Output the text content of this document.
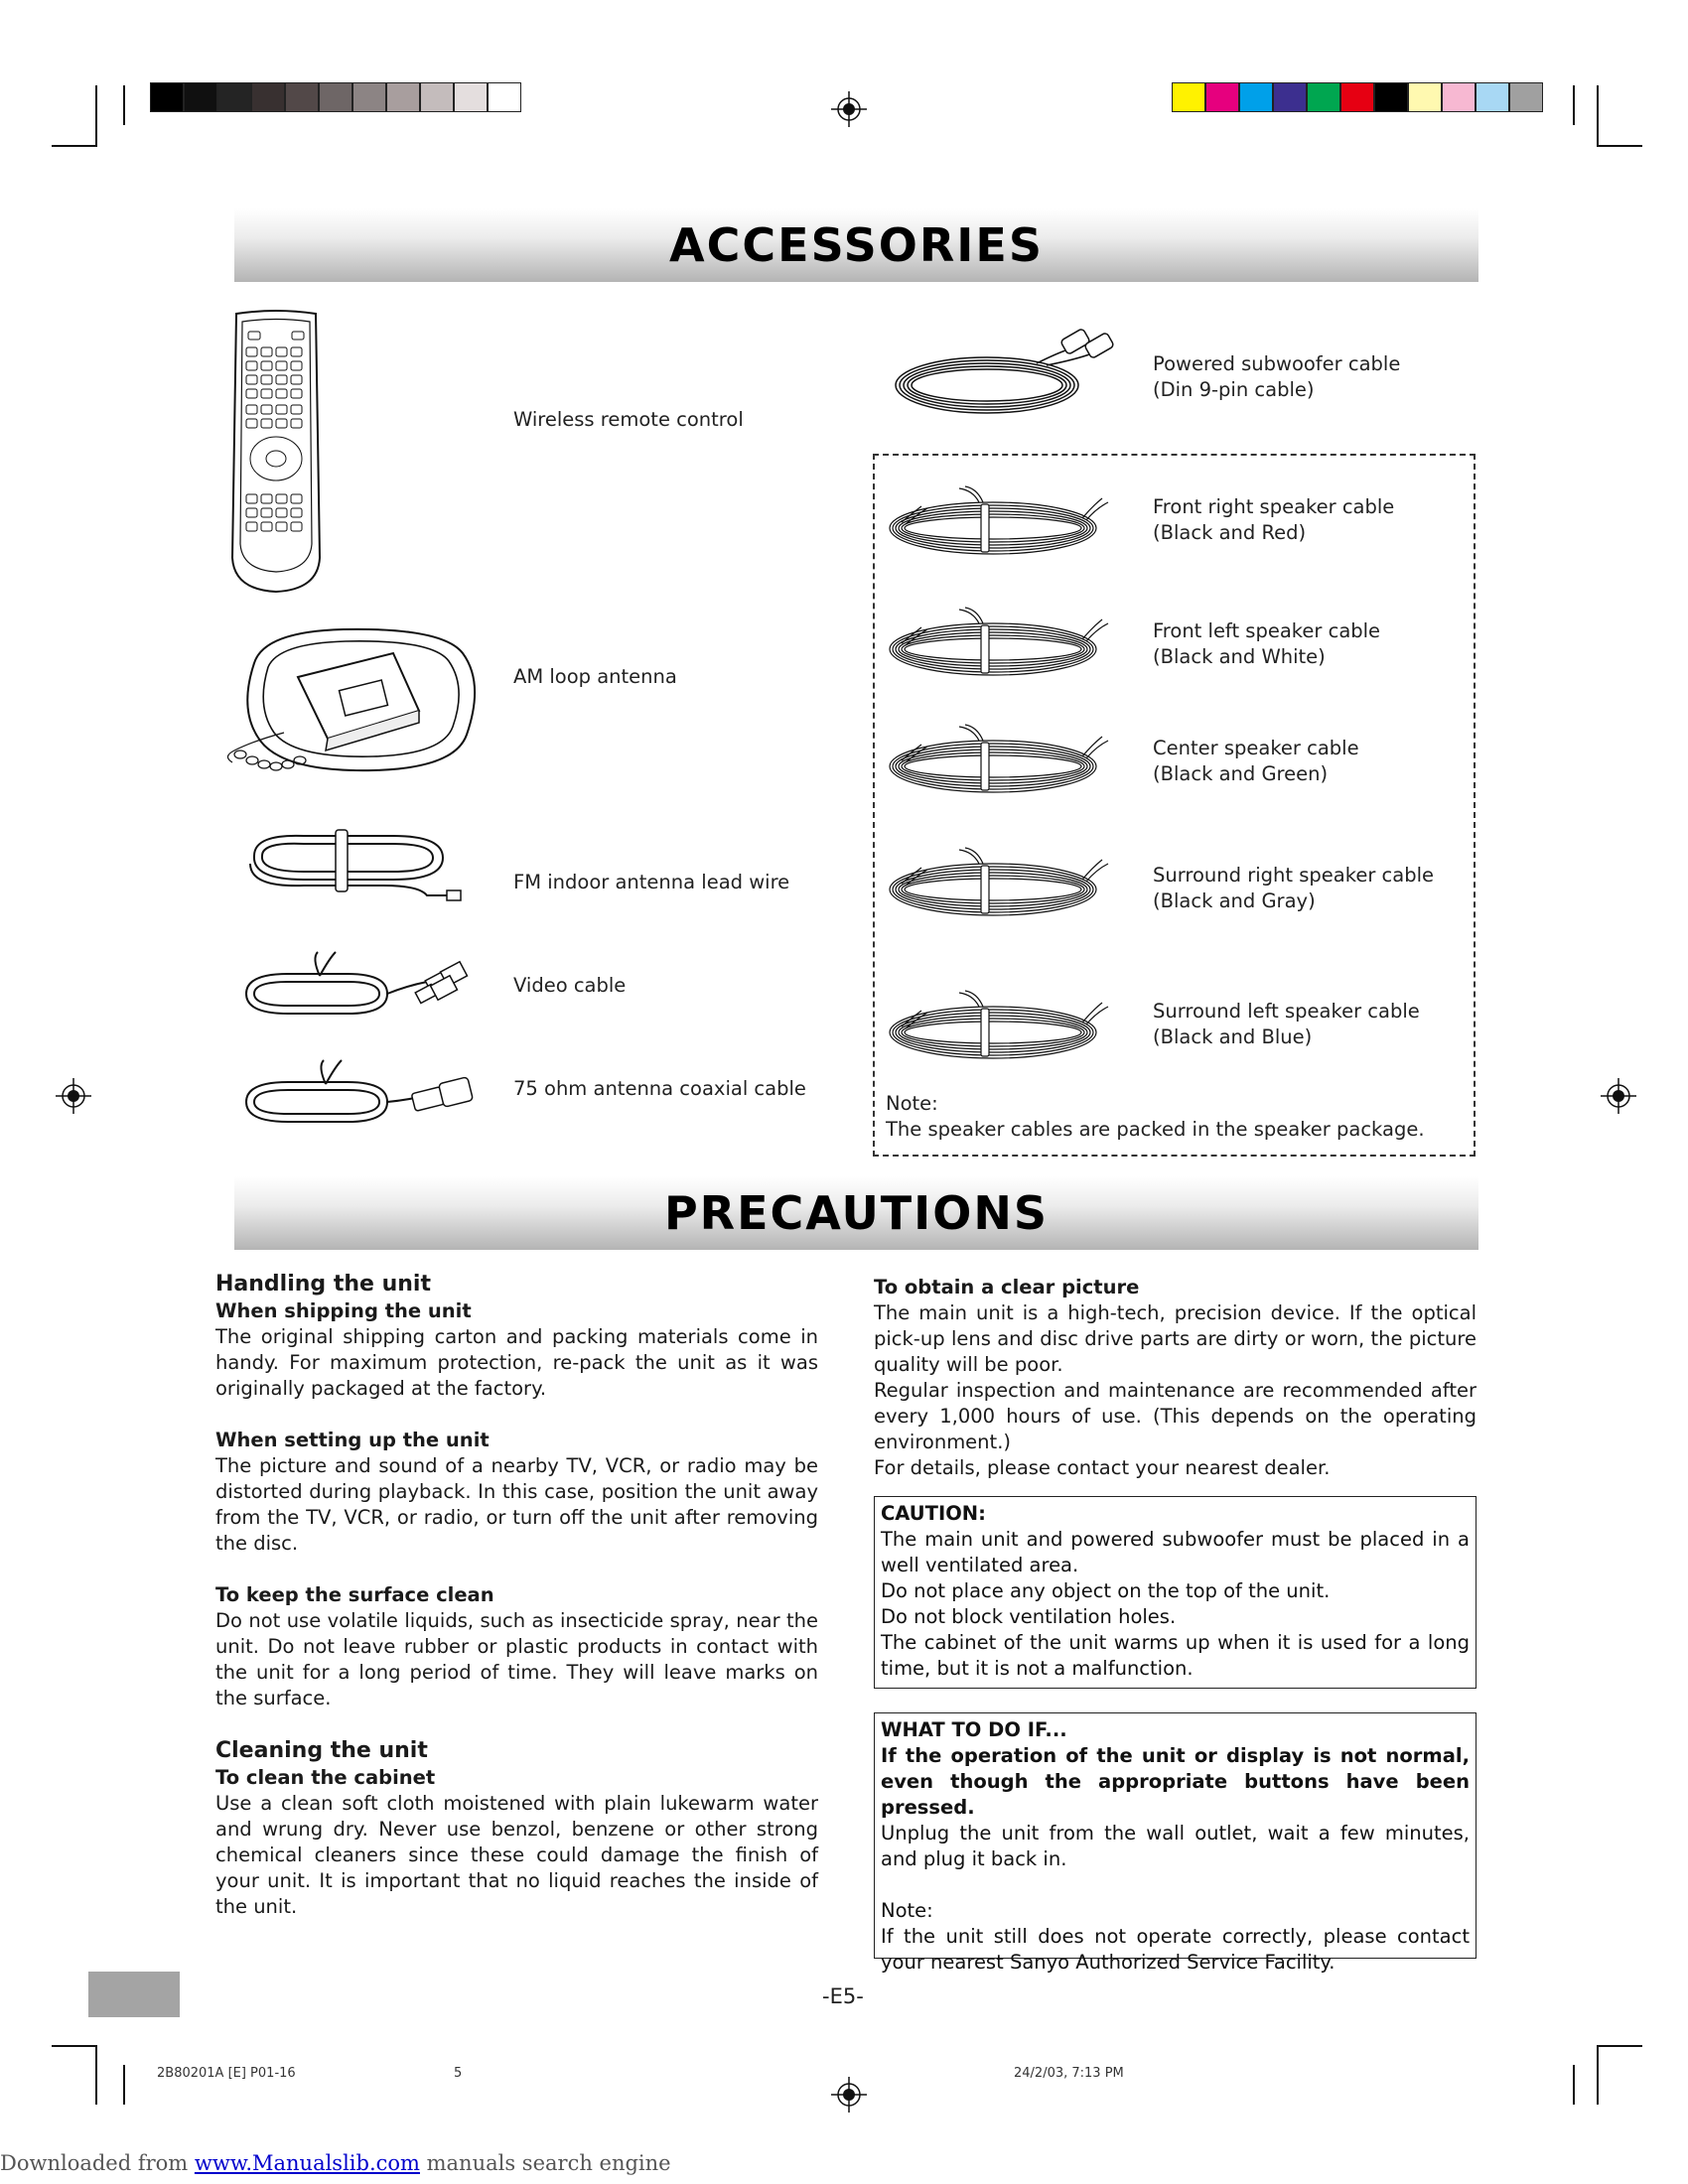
ACCESSORIES
Wireless remote control
AM loop antenna
FM indoor antenna lead wire
Video cable
75 ohm antenna coaxial cable
Powered subwoofer cable
(Din 9-pin cable)
Front right speaker cable
(Black and Red)
Front left speaker cable
(Black and White)
Center speaker cable
(Black and Green)
Surround right speaker cable
(Black and Gray)
Surround left speaker cable
(Black and Blue)
Note:
The speaker cables are packed in the speaker package.
PRECAUTIONS
Handling the unit
When shipping the unit

The original shipping carton and packing materials come in handy. For maximum protection, re-pack the unit as it was originally packaged at the factory.

When setting up the unit

The picture and sound of a nearby TV, VCR, or radio may be distorted during playback. In this case, position the unit away from the TV, VCR, or radio, or turn off the unit after removing the disc.

To keep the surface clean

Do not use volatile liquids, such as insecticide spray, near the unit. Do not leave rubber or plastic products in contact with the unit for a long period of time. They will leave marks on the surface.

Cleaning the unit
To clean the cabinet

Use a clean soft cloth moistened with plain lukewarm water and wrung dry. Never use benzol, benzene or other strong chemical cleaners since these could damage the finish of your unit. It is important that no liquid reaches the inside of the unit.

To obtain a clear picture

The main unit is a high-tech, precision device. If the optical pick-up lens and disc drive parts are dirty or worn, the picture quality will be poor.

Regular inspection and maintenance are recommended after every 1,000 hours of use. (This depends on the operating environment.)

For details, please contact your nearest dealer.

CAUTION:

The main unit and powered subwoofer must be placed in a well ventilated area.

Do not place any object on the top of the unit.

Do not block ventilation holes.

The cabinet of the unit warms up when it is used for a long time, but it is not a malfunction.

WHAT TO DO IF...

If the operation of the unit or display is not normal, even though the appropriate buttons have been pressed.

Unplug the unit from the wall outlet, wait a few minutes, and plug it back in.

Note:

If the unit still does not operate correctly, please contact your nearest Sanyo Authorized Service Facility.

-E5-
2B80201A [E] P01-16	5	24/2/03, 7:13 PM
Downloaded from www.Manualslib.com manuals search engine
